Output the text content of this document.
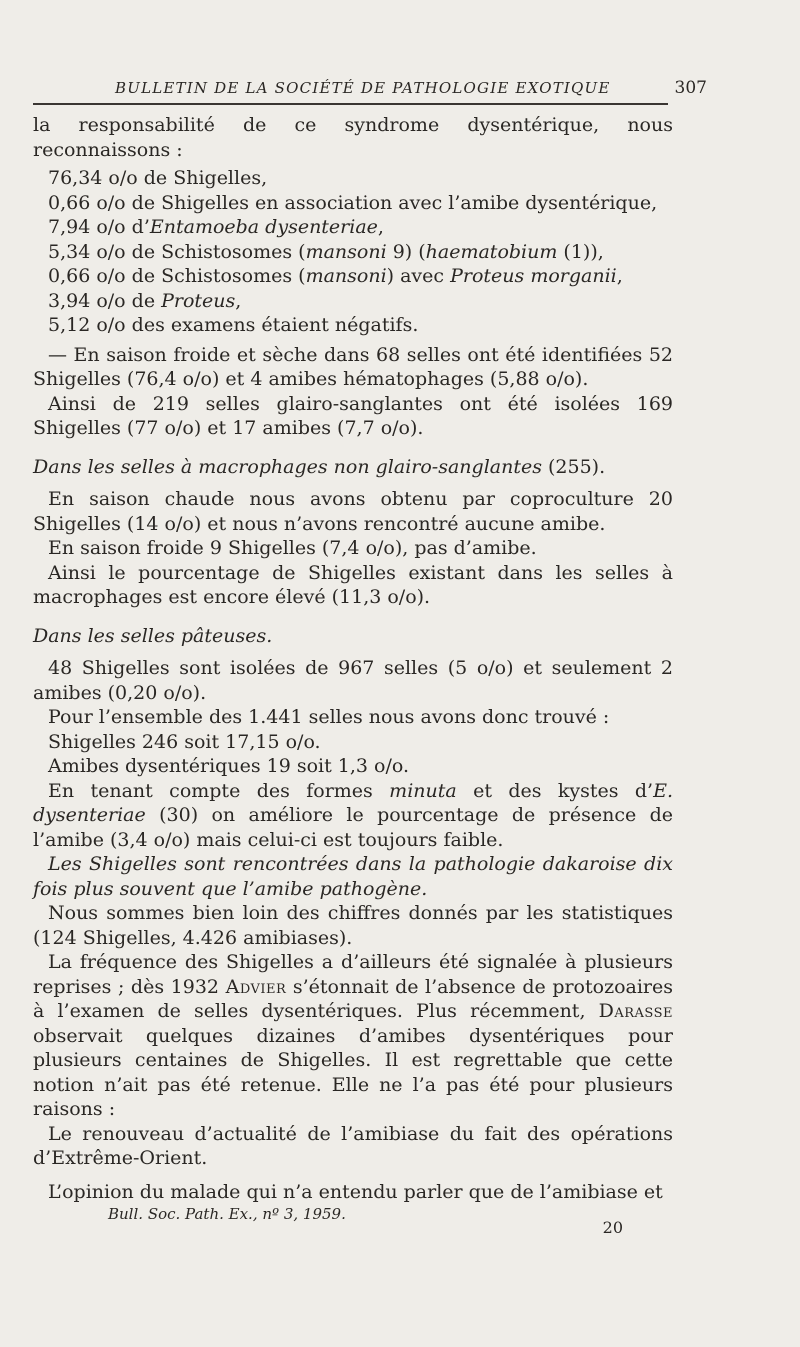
BULLETIN DE LA SOCIÉTÉ DE PATHOLOGIE EXOTIQUE	307

la responsabilité de ce syndrome dysentérique, nous reconnaissons :

76,34 o/o de Shigelles,
0,66 o/o de Shigelles en association avec l’amibe dysentérique,
7,94 o/o d’Entamoeba dysenteriae,
5,34 o/o de Schistosomes (mansoni 9) (haematobium (1)),
0,66 o/o de Schistosomes (mansoni) avec Proteus morganii,
3,94 o/o de Proteus,
5,12 o/o des examens étaient négatifs.

— En saison froide et sèche dans 68 selles ont été identifiées 52 Shigelles (76,4 o/o) et 4 amibes hématophages (5,88 o/o).

Ainsi de 219 selles glairo-sanglantes ont été isolées 169 Shigelles (77 o/o) et 17 amibes (7,7 o/o).

Dans les selles à macrophages non glairo-sanglantes (255).

En saison chaude nous avons obtenu par coproculture 20 Shigelles (14 o/o) et nous n’avons rencontré aucune amibe.

En saison froide 9 Shigelles (7,4 o/o), pas d’amibe.

Ainsi le pourcentage de Shigelles existant dans les selles à macrophages est encore élevé (11,3 o/o).

Dans les selles pâteuses.

48 Shigelles sont isolées de 967 selles (5 o/o) et seulement 2 amibes (0,20 o/o).

Pour l’ensemble des 1.441 selles nous avons donc trouvé :

Shigelles 246 soit 17,15 o/o.

Amibes dysentériques 19 soit 1,3 o/o.

En tenant compte des formes minuta et des kystes d’E. dysenteriae (30) on améliore le pourcentage de présence de l’amibe (3,4 o/o) mais celui-ci est toujours faible.

Les Shigelles sont rencontrées dans la pathologie dakaroise dix fois plus souvent que l’amibe pathogène.

Nous sommes bien loin des chiffres donnés par les statistiques (124 Shigelles, 4.426 amibiases).

La fréquence des Shigelles a d’ailleurs été signalée à plusieurs reprises ; dès 1932 Advier s’étonnait de l’absence de protozoaires à l’examen de selles dysentériques. Plus récemment, Darasse observait quelques dizaines d’amibes dysentériques pour plusieurs centaines de Shigelles. Il est regrettable que cette notion n’ait pas été retenue. Elle ne l’a pas été pour plusieurs raisons :

Le renouveau d’actualité de l’amibiase du fait des opérations d’Extrême-Orient.

L’opinion du malade qui n’a entendu parler que de l’amibiase et

Bull. Soc. Path. Ex., nº 3, 1959.
20
